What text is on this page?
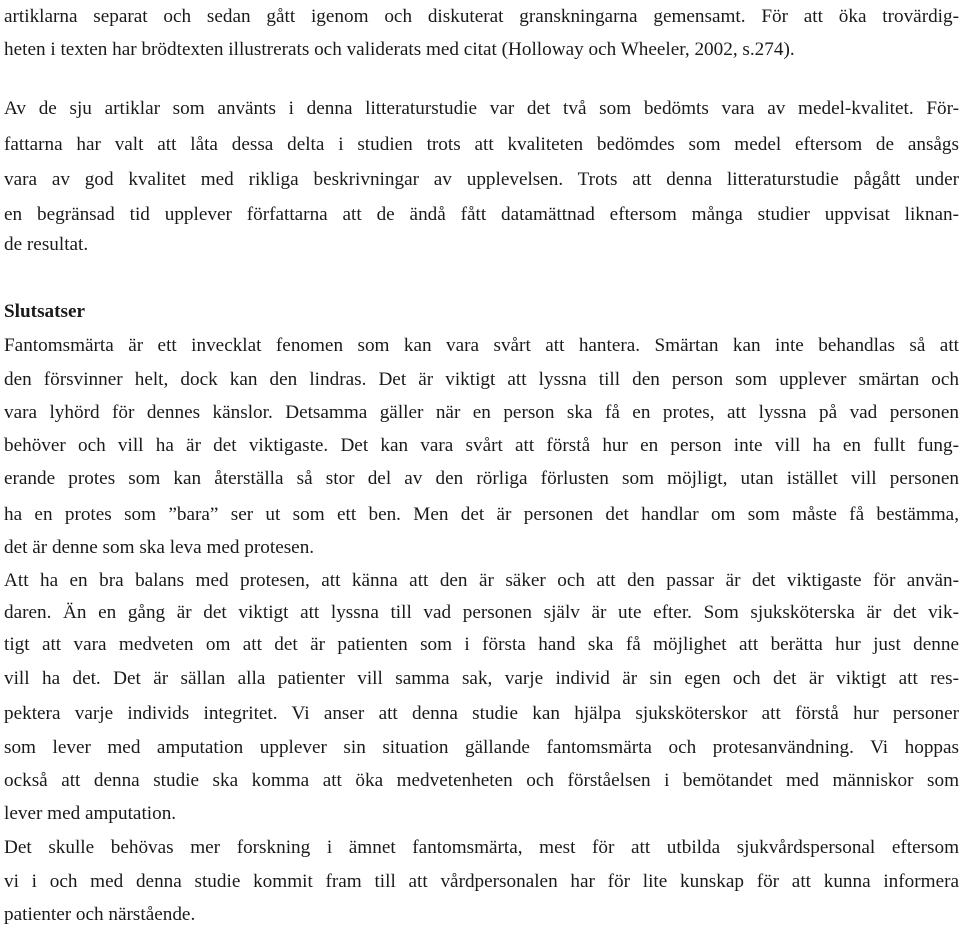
artiklarna separat och sedan gått igenom och diskuterat granskningarna gemensamt. För att öka trovärdig-
heten i texten har brödtexten illustrerats och validerats med citat (Holloway och Wheeler, 2002, s.274).
Av de sju artiklar som använts i denna litteraturstudie var det två som bedömts vara av medel-kvalitet. För-
fattarna har valt att låta dessa delta i studien trots att kvaliteten bedömdes som medel eftersom de ansågs
vara av god kvalitet med rikliga beskrivningar av upplevelsen. Trots att denna litteraturstudie pågått under
en begränsad tid upplever författarna att de ändå fått datamättnad eftersom många studier uppvisat liknan-
de resultat.
Slutsatser
Fantomsmärta är ett invecklat fenomen som kan vara svårt att hantera. Smärtan kan inte behandlas så att
den försvinner helt, dock kan den lindras. Det är viktigt att lyssna till den person som upplever smärtan och
vara lyhörd för dennes känslor. Detsamma gäller när en person ska få en protes, att lyssna på vad personen
behöver och vill ha är det viktigaste. Det kan vara svårt att förstå hur en person inte vill ha en fullt fung-
erande protes som kan återställa så stor del av den rörliga förlusten som möjligt, utan istället vill personen
ha en protes som ”bara” ser ut som ett ben. Men det är personen det handlar om som måste få bestämma,
det är denne som ska leva med protesen.
Att ha en bra balans med protesen, att känna att den är säker och att den passar är det viktigaste för använ-
daren. Än en gång är det viktigt att lyssna till vad personen själv är ute efter. Som sjuksköterska är det vik-
tigt att vara medveten om att det är patienten som i första hand ska få möjlighet att berätta hur just denne
vill ha det. Det är sällan alla patienter vill samma sak, varje individ är sin egen och det är viktigt att res-
pektera varje individs integritet. Vi anser att denna studie kan hjälpa sjuksköterskor att förstå hur personer
som lever med amputation upplever sin situation gällande fantomsmärta och protesanvändning. Vi hoppas
också att denna studie ska komma att öka medvetenheten och förståelsen i bemötandet med människor som
lever med amputation.
Det skulle behövas mer forskning i ämnet fantomsmärta, mest för att utbilda sjukvårdspersonal eftersom
vi i och med denna studie kommit fram till att vårdpersonalen har för lite kunskap för att kunna informera
patienter och närstående.
